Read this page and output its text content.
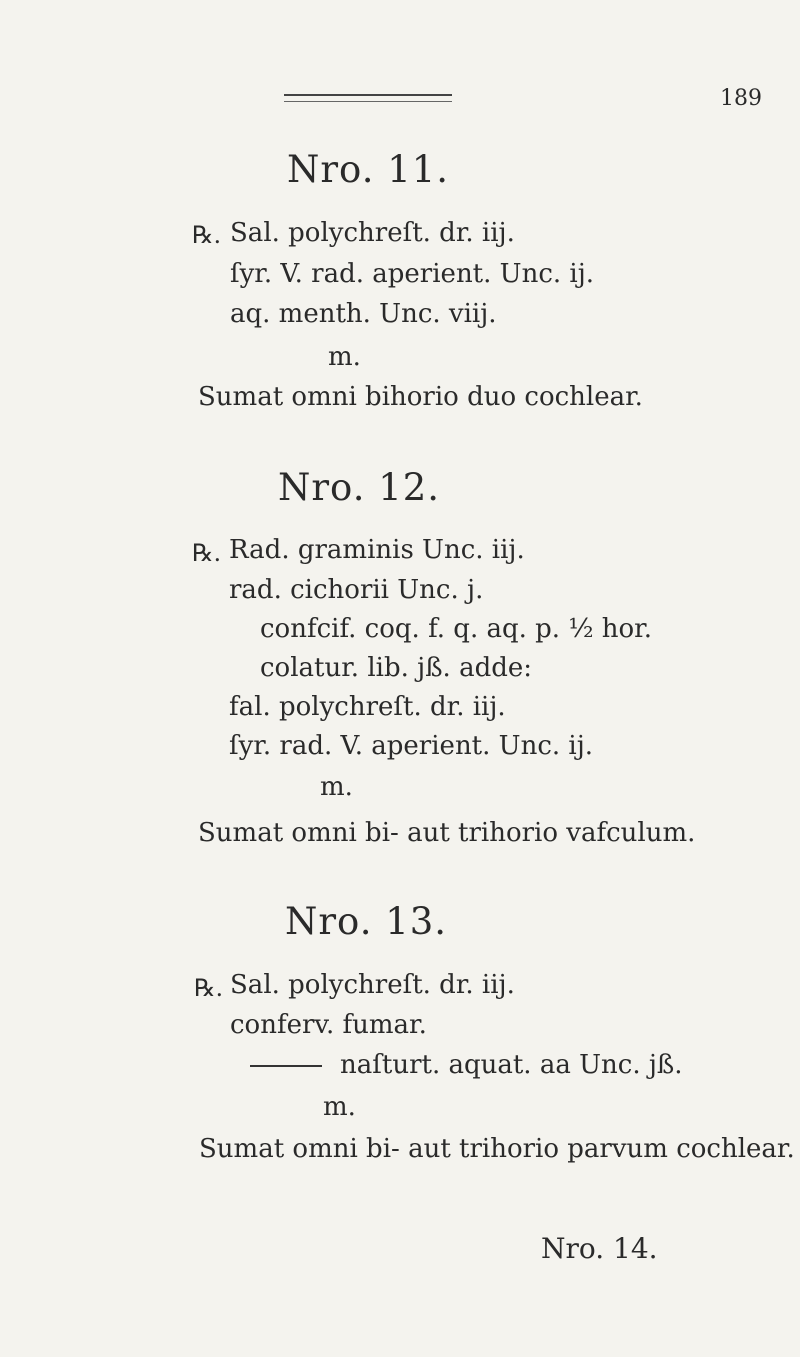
189
Nro. 11.
℞. Sal. polychreſt. dr. iij.
ſyr. V. rad. aperient. Unc. ij.
aq. menth. Unc. viij.
m.
Sumat omni bihorio duo cochlear.
Nro. 12.
℞. Rad. graminis Unc. iij.
rad. cichorii Unc. j.
confcif. coq. f. q. aq. p. ½ hor.
colatur. lib. jß. adde:
fal. polychreſt. dr. iij.
ſyr. rad. V. aperient. Unc. ij.
m.
Sumat omni bi- aut trihorio vafculum.
Nro. 13.
℞. Sal. polychreſt. dr. iij.
conferv. fumar.
naſturt. aquat. aa Unc. jß.
m.
Sumat omni bi- aut trihorio parvum cochlear.
Nro. 14.
